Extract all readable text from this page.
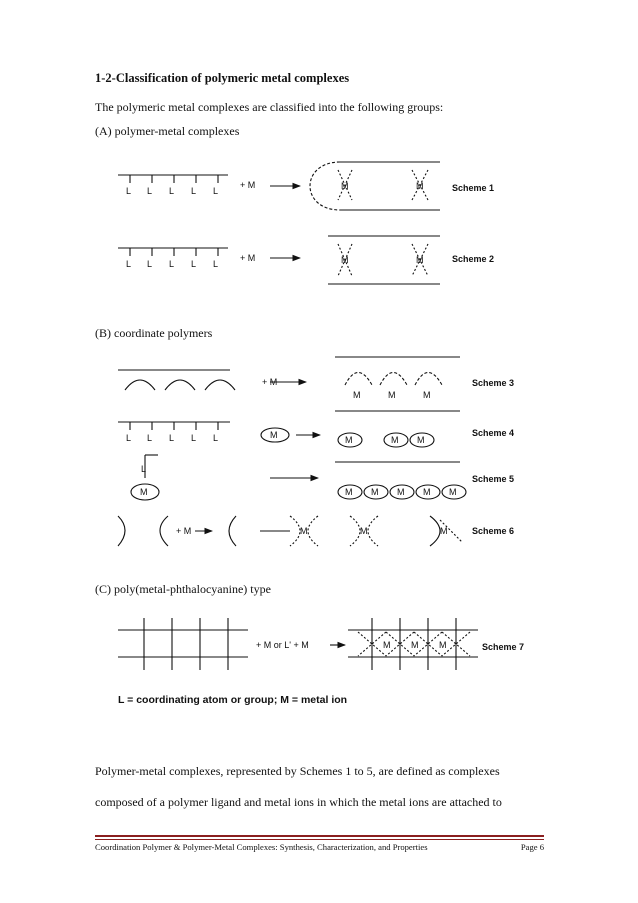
1-2-Classification of polymeric metal complexes
The polymeric metal complexes are classified into the following groups:
(A) polymer-metal complexes
L L L L L
+ M	M	M	Scheme 1
L L L L L
+ M	M	M	Scheme 2
+ M
M	M	M
Scheme 3
L L L L L	M	M	M M
Scheme 4
L
M	M M M M M
Scheme 5
+ M	M	M	M	Scheme 6
+ M or L' + M	M M M	Scheme 7
L = coordinating atom or group; M = metal ion
(B) coordinate polymers
(C) poly(metal-phthalocyanine) type
Polymer-metal complexes, represented by Schemes 1 to 5, are defined as complexes
composed of a polymer ligand and metal ions in which the metal ions are attached to
Coordination Polymer & Polymer-Metal Complexes: Synthesis, Characterization, and Properties	Page 6
